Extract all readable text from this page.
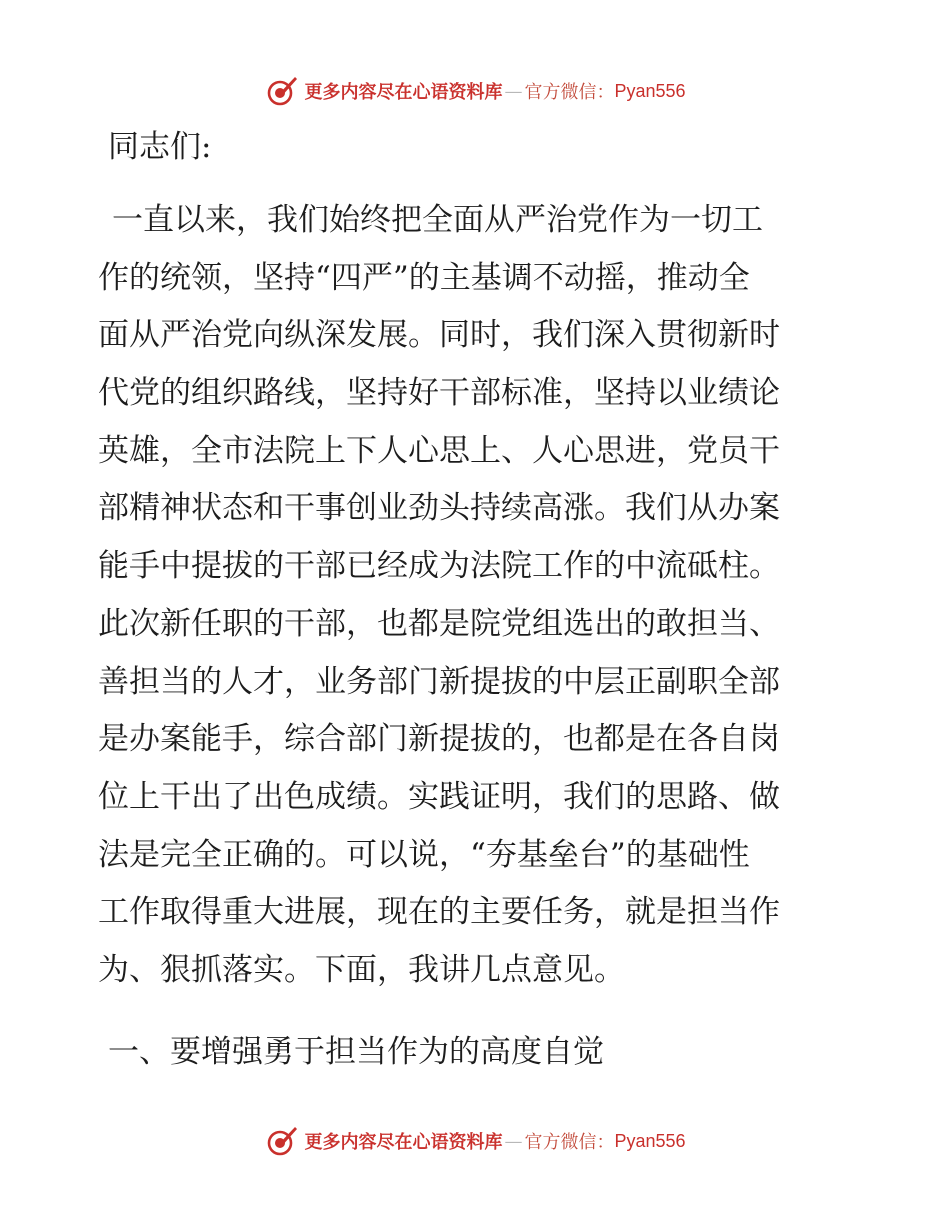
更多内容尽在心语资料库 — 官方微信： Pyan556
同志们:
一直以来，我们始终把全面从严治党作为一切工
作的统领，坚持“四严”的主基调不动摇，推动全
面从严治党向纵深发展。同时，我们深入贯彻新时
代党的组织路线，坚持好干部标准，坚持以业绩论
英雄，全市法院上下人心思上、人心思进，党员干
部精神状态和干事创业劲头持续高涨。我们从办案
能手中提拔的干部已经成为法院工作的中流砥柱。
此次新任职的干部，也都是院党组选出的敢担当、
善担当的人才，业务部门新提拔的中层正副职全部
是办案能手，综合部门新提拔的，也都是在各自岗
位上干出了出色成绩。实践证明，我们的思路、做
法是完全正确的。可以说，“夯基垒台”的基础性
工作取得重大进展，现在的主要任务，就是担当作
为、狠抓落实。下面，我讲几点意见。
一、要增强勇于担当作为的高度自觉
更多内容尽在心语资料库 — 官方微信： Pyan556
